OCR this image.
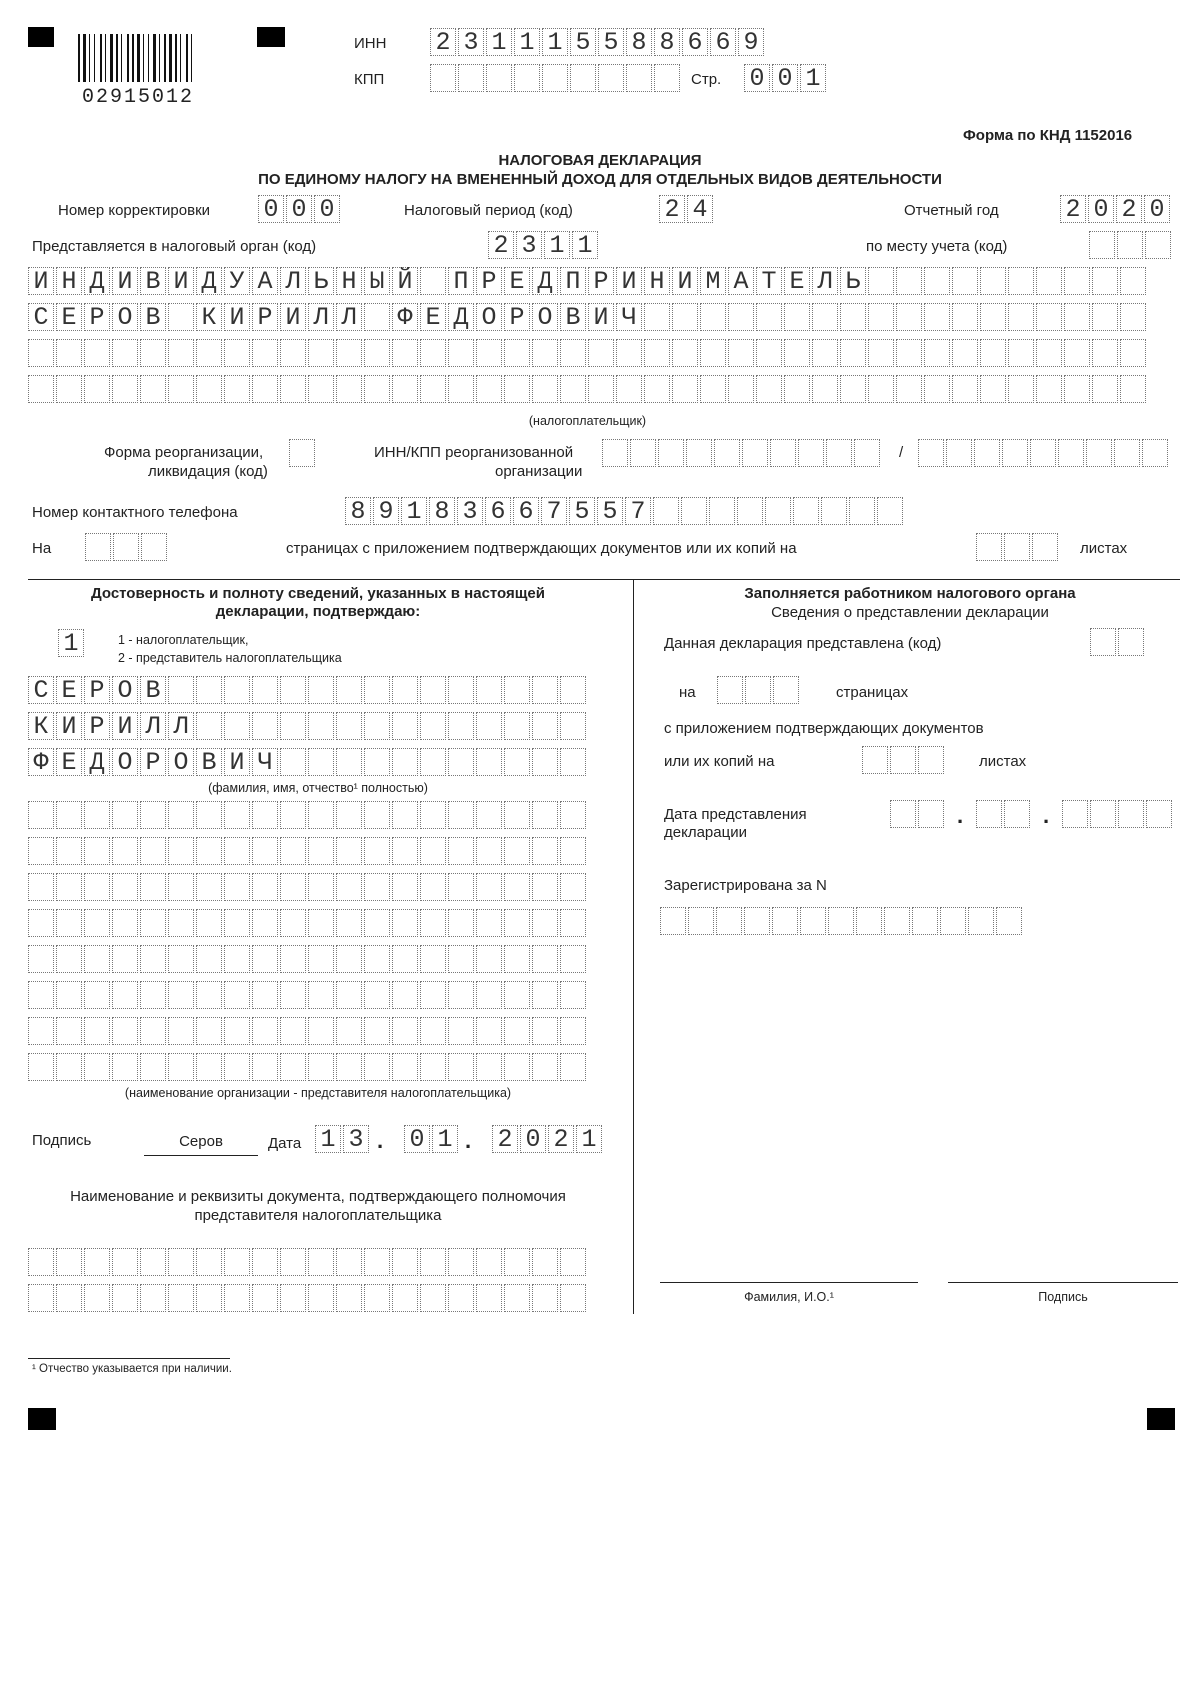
02915012
ИНН 2 3 1 1 1 5 5 8 8 6 6 9
КПП	Стр. 0 0 1
Форма по КНД 1152016
НАЛОГОВАЯ ДЕКЛАРАЦИЯ
ПО ЕДИНОМУ НАЛОГУ НА ВМЕНЕННЫЙ ДОХОД ДЛЯ ОТДЕЛЬНЫХ ВИДОВ ДЕЯТЕЛЬНОСТИ
Номер корректировки 0 0 0	Налоговый период (код)	2 4	Отчетный год	2 0 2 0
Представляется в налоговый орган (код)	2 3 1 1	по месту учета (код)
И Н Д И В И Д У А Л Ь Н Ы Й П Р Е Д П Р И Н И М А Т Е Л Ь
С Е Р О В К И Р И Л Л Ф Е Д О Р О В И Ч
(налогоплательщик)
Форма реорганизации,
ликвидация (код)
ИНН/КПП реорганизованной
организации
/
Номер контактного телефона	8 9 1 8 3 6 6 7 5 5 7
На	страницах с приложением подтверждающих документов или их копий на	листах
Достоверность и полноту сведений, указанных в настоящей
декларации, подтверждаю:
1	1 - налогоплательщик,
2 - представитель налогоплательщика
С Е Р О В
К И Р И Л Л
Ф Е Д О Р О В И Ч
(фамилия, имя, отчество¹ полностью)
(наименование организации - представителя налогоплательщика)
Подпись	Серов	Дата 1 3 . 0 1 . 2 0 2 1
Наименование и реквизиты документа, подтверждающего полномочия
представителя налогоплательщика
Заполняется работником налогового органа
Сведения о представлении декларации
Данная декларация представлена (код)
на	страницах
с приложением подтверждающих документов
или их копий на	листах
Дата представления
декларации
.	.
Зарегистрирована за N
Фамилия, И.О.¹	Подпись
¹ Отчество указывается при наличии.
